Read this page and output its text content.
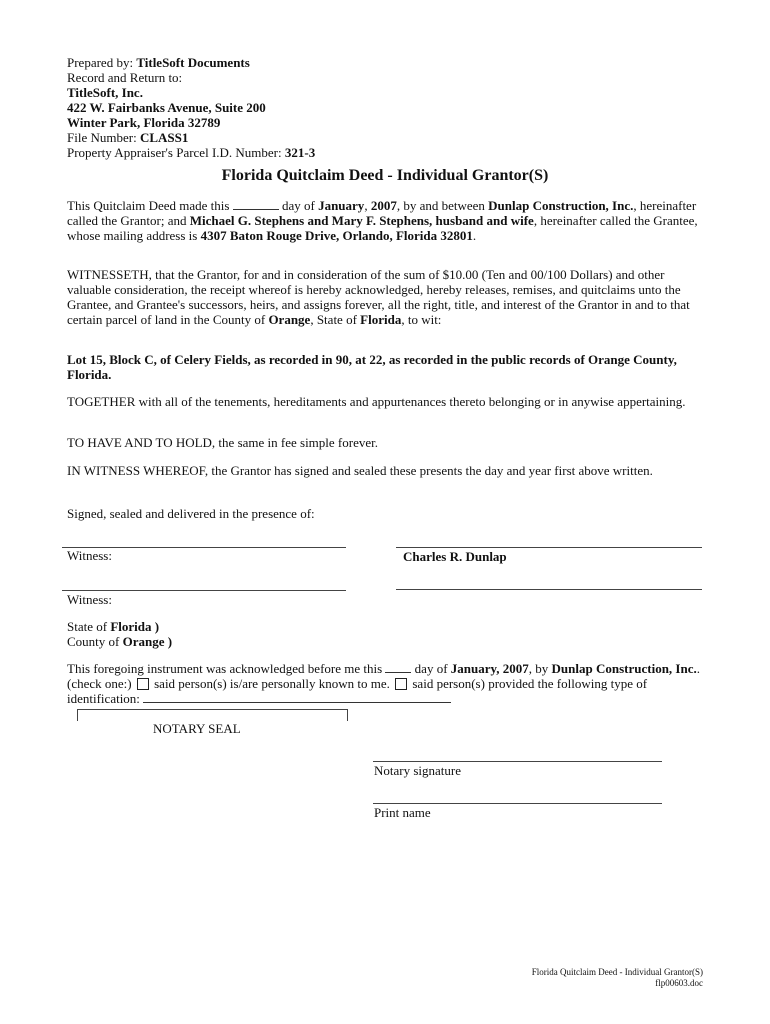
Prepared by: TitleSoft Documents
Record and Return to:
TitleSoft, Inc.
422 W. Fairbanks Avenue, Suite 200
Winter Park, Florida 32789
File Number: CLASS1
Property Appraiser's Parcel I.D. Number: 321-3
Florida Quitclaim Deed - Individual Grantor(S)
This Quitclaim Deed made this	day of January, 2007, by and between Dunlap Construction, Inc., hereinafter called the Grantor; and Michael G. Stephens and Mary F. Stephens, husband and wife, hereinafter called the Grantee, whose mailing address is 4307 Baton Rouge Drive, Orlando, Florida 32801.
WITNESSETH, that the Grantor, for and in consideration of the sum of $10.00 (Ten and 00/100 Dollars) and other valuable consideration, the receipt whereof is hereby acknowledged, hereby releases, remises, and quitclaims unto the Grantee, and Grantee's successors, heirs, and assigns forever, all the right, title, and interest of the Grantor in and to that certain parcel of land in the County of Orange, State of Florida, to wit:
Lot 15, Block C, of Celery Fields, as recorded in 90, at 22, as recorded in the public records of Orange County, Florida.
TOGETHER with all of the tenements, hereditaments and appurtenances thereto belonging or in anywise appertaining.
TO HAVE AND TO HOLD, the same in fee simple forever.
IN WITNESS WHEREOF, the Grantor has signed and sealed these presents the day and year first above written.
Signed, sealed and delivered in the presence of:
Witness:	Charles R. Dunlap
Witness:
State of Florida )
County of Orange )
This foregoing instrument was acknowledged before me this	day of January, 2007, by Dunlap Construction, Inc.. (check one:) said person(s) is/are personally known to me. said person(s) provided the following type of identification:
NOTARY SEAL
Notary signature
Print name
Florida Quitclaim Deed - Individual Grantor(S)
flp00603.doc
